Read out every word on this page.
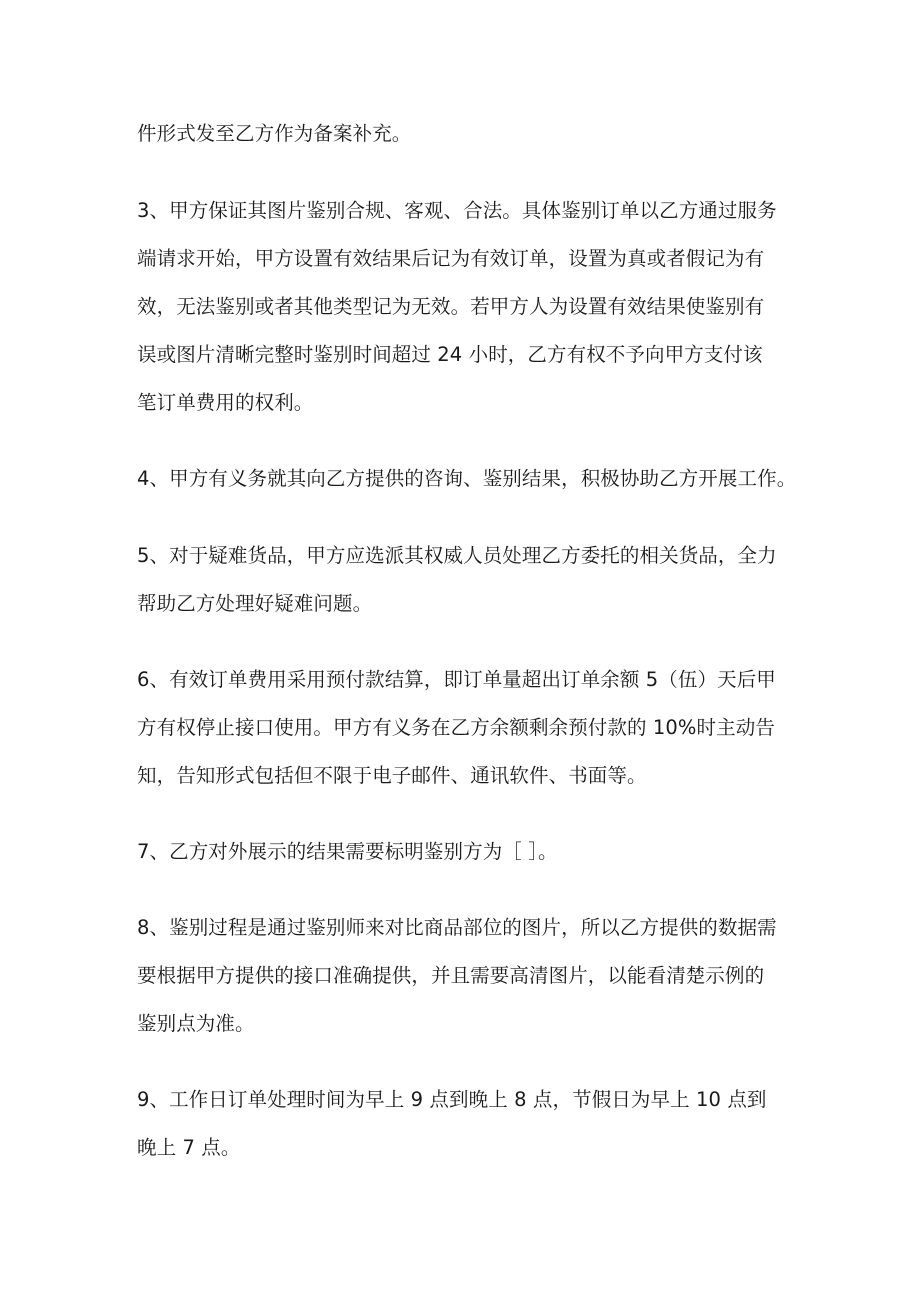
件形式发至乙方作为备案补充。
3、甲方保证其图片鉴别合规、客观、合法。具体鉴别订单以乙方通过服务
端请求开始，甲方设置有效结果后记为有效订单，设置为真或者假记为有
效，无法鉴别或者其他类型记为无效。若甲方人为设置有效结果使鉴别有
误或图片清晰完整时鉴别时间超过 24 小时，乙方有权不予向甲方支付该
笔订单费用的权利。
4、甲方有义务就其向乙方提供的咨询、鉴别结果，积极协助乙方开展工作。
5、对于疑难货品，甲方应选派其权威人员处理乙方委托的相关货品，全力
帮助乙方处理好疑难问题。
6、有效订单费用采用预付款结算，即订单量超出订单余额 5（伍）天后甲
方有权停止接口使用。甲方有义务在乙方余额剩余预付款的 10%时主动告
知，告知形式包括但不限于电子邮件、通讯软件、书面等。
7、乙方对外展示的结果需要标明鉴别方为［ ］。
8、鉴别过程是通过鉴别师来对比商品部位的图片，所以乙方提供的数据需
要根据甲方提供的接口准确提供，并且需要高清图片，以能看清楚示例的
鉴别点为准。
9、工作日订单处理时间为早上 9 点到晚上 8 点，节假日为早上 10 点到
晚上 7 点。
